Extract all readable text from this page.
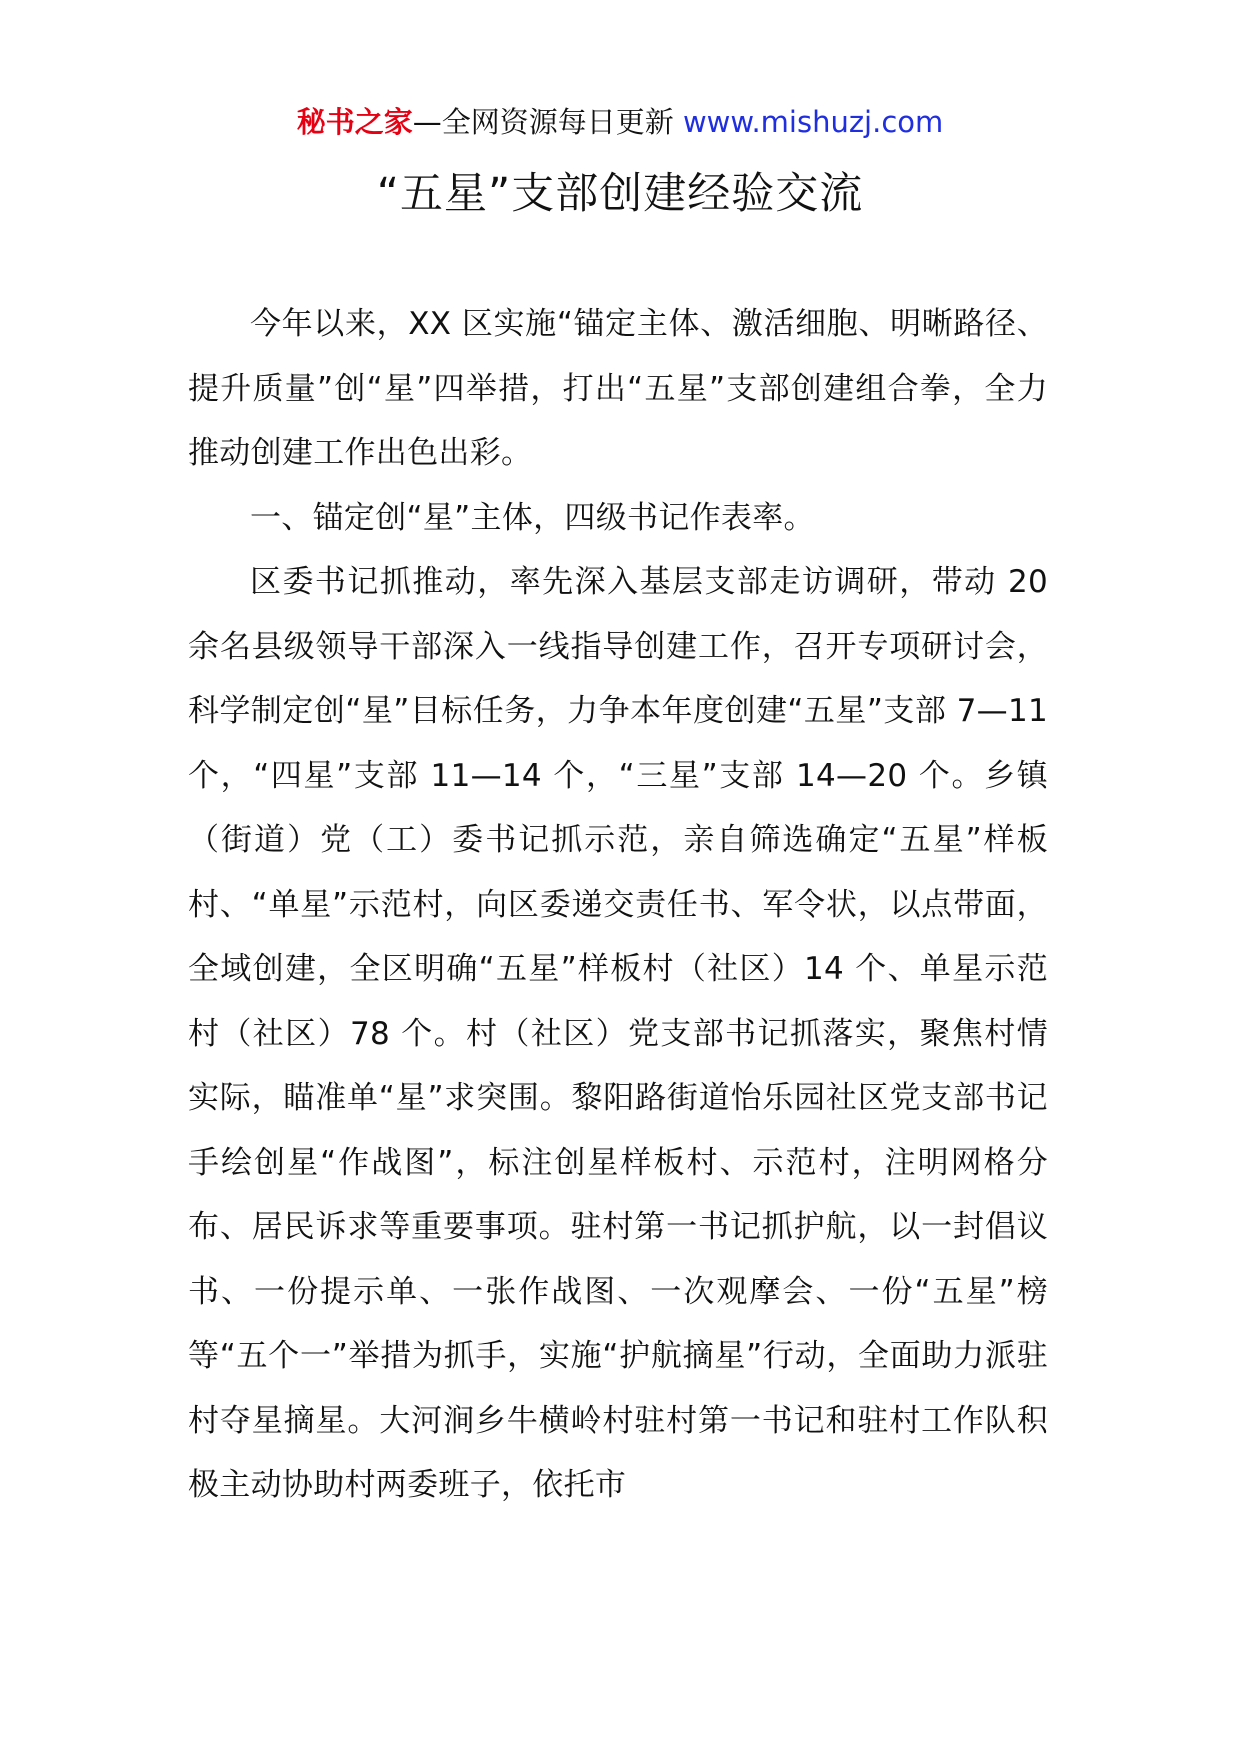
秘书之家—全网资源每日更新 www.mishuzj.com
“五星”支部创建经验交流

今年以来，XX 区实施“锚定主体、激活细胞、明晰路径、提升质量”创“星”四举措，打出“五星”支部创建组合拳，全力推动创建工作出色出彩。

一、锚定创“星”主体，四级书记作表率。

区委书记抓推动，率先深入基层支部走访调研，带动 20 余名县级领导干部深入一线指导创建工作，召开专项研讨会，科学制定创“星”目标任务，力争本年度创建“五星”支部 7—11 个，“四星”支部 11—14 个，“三星”支部 14—20 个。乡镇（街道）党（工）委书记抓示范，亲自筛选确定“五星”样板村、“单星”示范村，向区委递交责任书、军令状，以点带面，全域创建，全区明确“五星”样板村（社区）14 个、单星示范村（社区）78 个。村（社区）党支部书记抓落实，聚焦村情实际，瞄准单“星”求突围。黎阳路街道怡乐园社区党支部书记手绘创星“作战图”，标注创星样板村、示范村，注明网格分布、居民诉求等重要事项。驻村第一书记抓护航，以一封倡议书、一份提示单、一张作战图、一次观摩会、一份“五星”榜等“五个一”举措为抓手，实施“护航摘星”行动，全面助力派驻村夺星摘星。大河涧乡牛横岭村驻村第一书记和驻村工作队积极主动协助村两委班子，依托市
